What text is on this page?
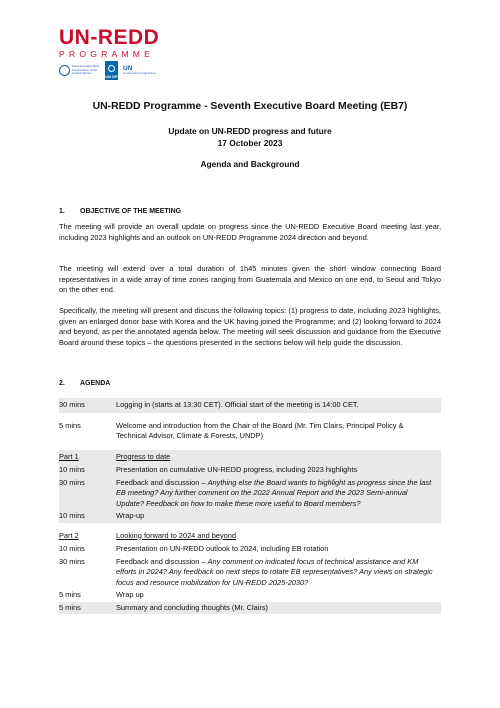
UN-REDD
PROGRAMME
Food and Agriculture Organization of the United Nations
UN DP
UN
environment programme
UN-REDD Programme - Seventh Executive Board Meeting (EB7)
Update on UN-REDD progress and future
17 October 2023
Agenda and Background
1. OBJECTIVE OF THE MEETING
The meeting will provide an overall update on progress since the UN-REDD Executive Board meeting last year, including 2023 highlights and an outlook on UN-REDD Programme 2024 direction and beyond.
The meeting will extend over a total duration of 1h45 minutes given the short window connecting Board representatives in a wide array of time zones ranging from Guatemala and Mexico on one end, to Seoul and Tokyo on the other end.
Specifically, the meeting will present and discuss the following topics: (1) progress to date, including 2023 highlights, given an enlarged donor base with Korea and the UK having joined the Programme; and (2) looking forward to 2024 and beyond, as per the annotated agenda below. The meeting will seek discussion and guidance from the Executive Board around these topics – the questions presented in the sections below will help guide the discussion.
2. AGENDA
30 mins	Logging in (starts at 13:30 CET). Official start of the meeting is 14:00 CET.
5 mins	Welcome and introduction from the Chair of the Board (Mr. Tim Clairs, Principal Policy & Technical Advisor, Climate & Forests, UNDP)
Part 1	Progress to date
10 mins	Presentation on cumulative UN-REDD progress, including 2023 highlights
30 mins	Feedback and discussion – Anything else the Board wants to highlight as progress since the last EB meeting? Any further comment on the 2022 Annual Report and the 2023 Semi-annual Update? Feedback on how to make these more useful to Board members?
10 mins	Wrap-up
Part 2	Looking forward to 2024 and beyond
10 mins	Presentation on UN-REDD outlook to 2024, including EB rotation
30 mins	Feedback and discussion – Any comment on indicated focus of technical assistance and KM efforts in 2024? Any feedback on next steps to rotate EB representatives? Any views on strategic focus and resource mobilization for UN-REDD 2025-2030?
5 mins	Wrap up
5 mins	Summary and concluding thoughts (Mr. Clairs)
